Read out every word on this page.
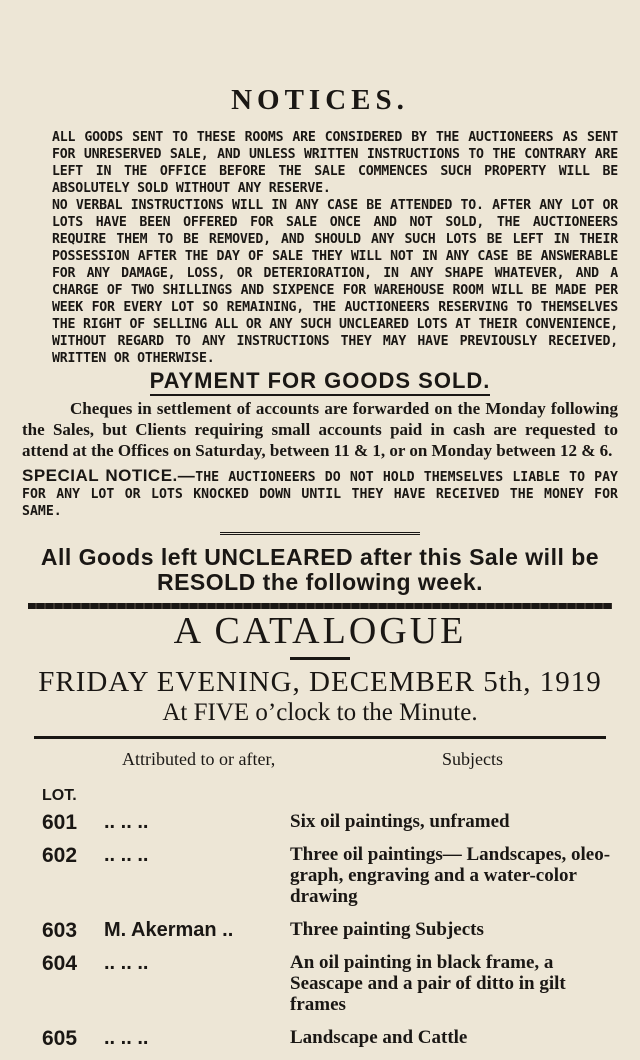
NOTICES.

ALL GOODS SENT TO THESE ROOMS ARE CONSIDERED BY THE AUCTIONEERS AS SENT FOR UNRESERVED SALE, AND UNLESS WRITTEN INSTRUCTIONS TO THE CONTRARY ARE LEFT IN THE OFFICE BEFORE THE SALE COMMENCES SUCH PROPERTY WILL BE ABSOLUTELY SOLD WITHOUT ANY RESERVE.

NO VERBAL INSTRUCTIONS WILL IN ANY CASE BE ATTENDED TO. AFTER ANY LOT OR LOTS HAVE BEEN OFFERED FOR SALE ONCE AND NOT SOLD, THE AUCTIONEERS REQUIRE THEM TO BE REMOVED, AND SHOULD ANY SUCH LOTS BE LEFT IN THEIR POSSESSION AFTER THE DAY OF SALE THEY WILL NOT IN ANY CASE BE ANSWERABLE FOR ANY DAMAGE, LOSS, OR DETERIORATION, IN ANY SHAPE WHATEVER, AND A CHARGE OF TWO SHILLINGS AND SIXPENCE FOR WAREHOUSE ROOM WILL BE MADE PER WEEK FOR EVERY LOT SO REMAINING, THE AUCTIONEERS RESERVING TO THEMSELVES THE RIGHT OF SELLING ALL OR ANY SUCH UNCLEARED LOTS AT THEIR CONVENIENCE, WITHOUT REGARD TO ANY INSTRUCTIONS THEY MAY HAVE PREVIOUSLY RECEIVED, WRITTEN OR OTHERWISE.

PAYMENT FOR GOODS SOLD.
Cheques in settlement of accounts are forwarded on the Monday following the Sales, but Clients requiring small accounts paid in cash are requested to attend at the Offices on Saturday, between 11 & 1, or on Monday between 12 & 6.
SPECIAL NOTICE.—THE AUCTIONEERS DO NOT HOLD THEMSELVES LIABLE TO PAY FOR ANY LOT OR LOTS KNOCKED DOWN UNTIL THEY HAVE RECEIVED THE MONEY FOR SAME.
All Goods left UNCLEARED after this Sale will be RESOLD the following week.
A CATALOGUE
FRIDAY EVENING, DECEMBER 5th, 1919
At FIVE o’clock to the Minute.
Attributed to or after,	Subjects
LOT.
601 .. .. ..	Six oil paintings, unframed
602 .. .. ..	Three oil paintings— Landscapes, oleo-graph, engraving and a water-color drawing
603 M. Akerman ..	Three painting Subjects
604 .. .. ..	An oil painting in black frame, a Seascape and a pair of ditto in gilt frames
605 .. .. ..	Landscape and Cattle
